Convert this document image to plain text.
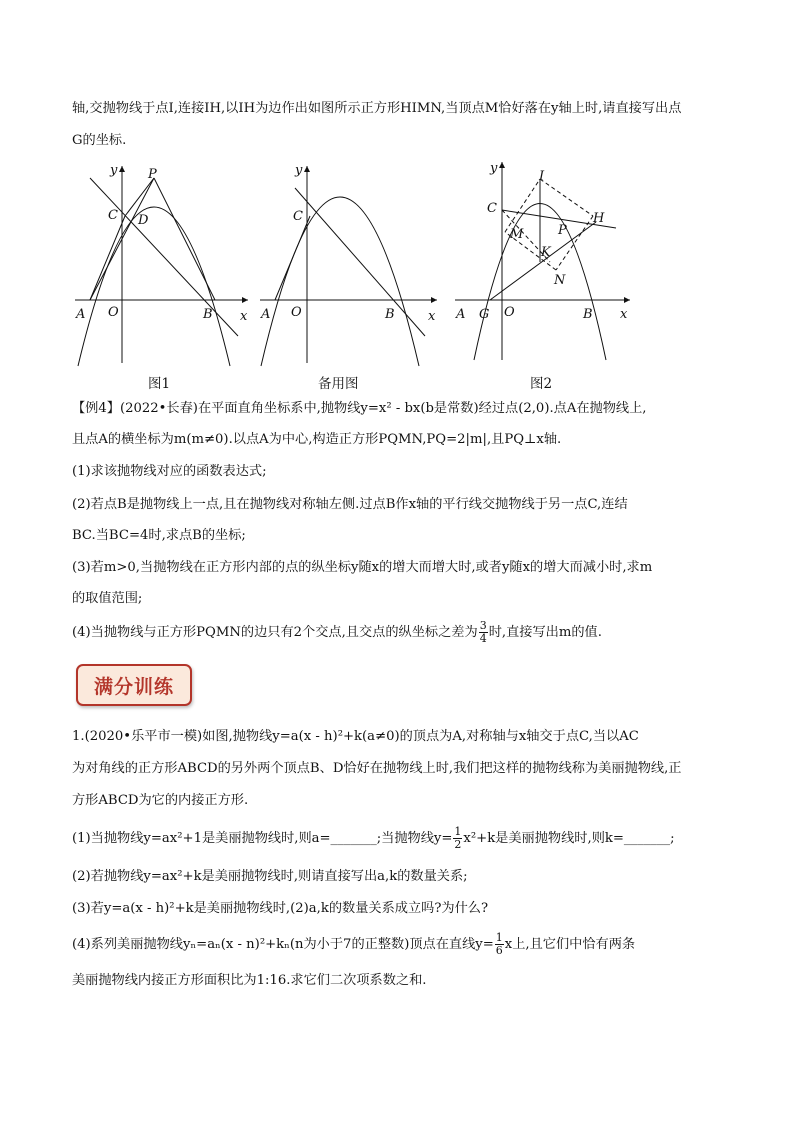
轴,交抛物线于点I,连接IH,以IH为边作出如图所示正方形HIMN,当顶点M恰好落在y轴上时,请直接写出点
G的坐标.
y
x
A O	B
C D
P
图1
y
x
A O	B
C
备用图
y
x
A G O	B
C
I
H
M	P
K
N
图2
【例4】(2022•长春)在平面直角坐标系中,抛物线y=x² - bx(b是常数)经过点(2,0).点A在抛物线上,
且点A的横坐标为m(m≠0).以点A为中心,构造正方形PQMN,PQ=2|m|,且PQ⊥x轴.
(1)求该抛物线对应的函数表达式;
(2)若点B是抛物线上一点,且在抛物线对称轴左侧.过点B作x轴的平行线交抛物线于另一点C,连结
BC.当BC=4时,求点B的坐标;
(3)若m>0,当抛物线在正方形内部的点的纵坐标y随x的增大而增大时,或者y随x的增大而减小时,求m
的取值范围;
(4)当抛物线与正方形PQMN的边只有2个交点,且交点的纵坐标之差为 $\frac{3}{4}$ 时,直接写出m的值.
满分训练
1.(2020•乐平市一模)如图,抛物线y=a(x - h)²+k(a≠0)的顶点为A,对称轴与x轴交于点C,当以AC
为对角线的正方形ABCD的另外两个顶点B、D恰好在抛物线上时,我们把这样的抛物线称为美丽抛物线,正
方形ABCD为它的内接正方形.
(1)当抛物线y=ax²+1是美丽抛物线时,则a=_______;当抛物线$y= \frac{1}{2} x^2+k$是美丽抛物线时,则k=_______;
(2)若抛物线y=ax²+k是美丽抛物线时,则请直接写出a,k的数量关系;
(3)若y=a(x - h)²+k是美丽抛物线时,(2)a,k的数量关系成立吗?为什么?
(4)系列美丽抛物线yₙ=aₙ(x - n)²+kₙ(n为小于7的正整数)顶点在直线$y= \frac{1}{6}$ x上,且它们中恰有两条
美丽抛物线内接正方形面积比为1:16.求它们二次项系数之和.
